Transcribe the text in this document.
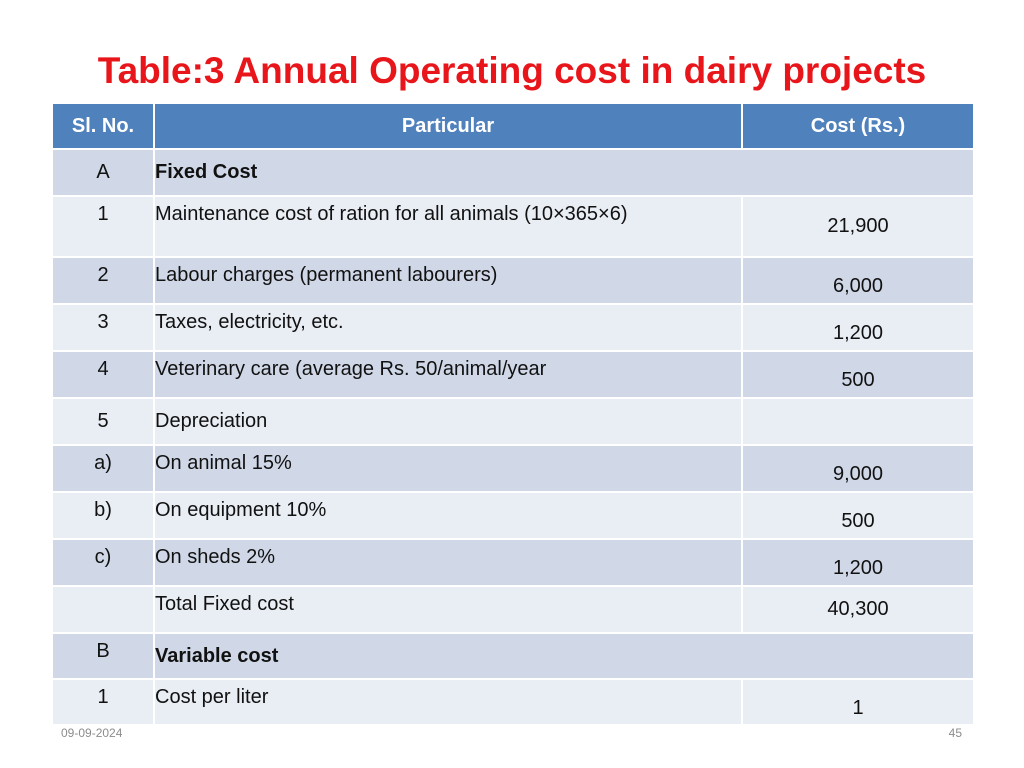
Table:3 Annual Operating cost in dairy projects
Sl. No.	Particular	Cost (Rs.)
A	Fixed Cost	
1	Maintenance cost of ration for all animals (10×365×6)	21,900
2	Labour charges (permanent labourers)	6,000
3	Taxes, electricity, etc.	1,200
4	Veterinary care (average Rs. 50/animal/year	500
5	Depreciation	
a)	On animal 15%	9,000
b)	On equipment 10%	500
c)	On sheds 2%	1,200
	Total Fixed cost	40,300
B	Variable cost	
1	Cost per liter	1
09-09-2024	45
